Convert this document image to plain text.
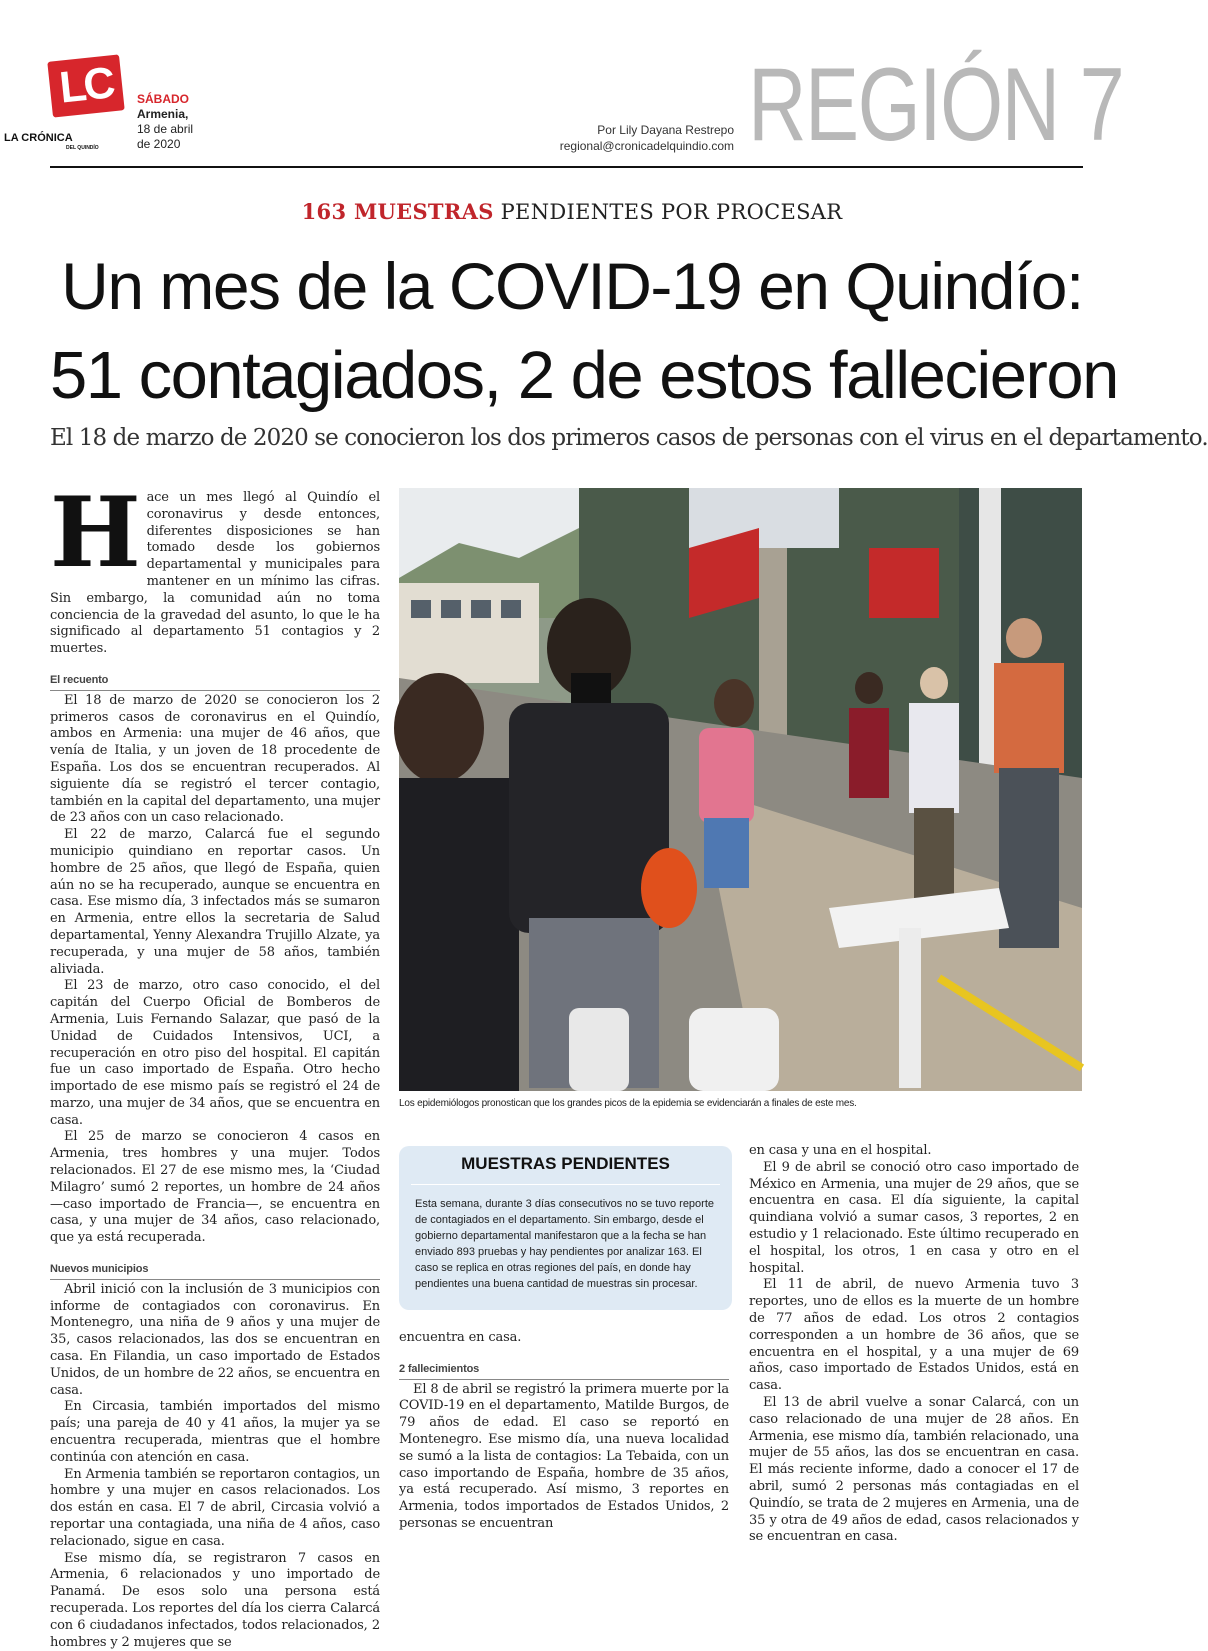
LC
LA CRÓNICA
DEL QUINDÍO
SÁBADO
Armenia,
18 de abril
de 2020
Por Lily Dayana Restrepo
regional@cronicadelquindio.com REGIÓN 7
163 MUESTRAS PENDIENTES POR PROCESAR
Un mes de la COVID-19 en Quindío:
51 contagiados, 2 de estos fallecieron
El 18 de marzo de 2020 se conocieron los dos primeros casos de personas con el virus en el departamento.

Hace un mes llegó al Quindío el coronavirus y desde entonces, diferentes disposiciones se han tomado desde los gobiernos departamental y municipales para mantener en un mínimo las cifras. Sin embargo, la comunidad aún no toma conciencia de la gravedad del asunto, lo que le ha significado al departamento 51 contagios y 2 muertes.

El recuento

El 18 de marzo de 2020 se conocieron los 2 primeros casos de coronavirus en el Quindío, ambos en Armenia: una mujer de 46 años, que venía de Italia, y un joven de 18 procedente de España. Los dos se encuentran recuperados. Al siguiente día se registró el tercer contagio, también en la capital del departamento, una mujer de 23 años con un caso relacionado.

El 22 de marzo, Calarcá fue el segundo municipio quindiano en reportar casos. Un hombre de 25 años, que llegó de España, quien aún no se ha recuperado, aunque se encuentra en casa. Ese mismo día, 3 infectados más se sumaron en Armenia, entre ellos la secretaria de Salud departamental, Yenny Alexandra Trujillo Alzate, ya recuperada, y una mujer de 58 años, también aliviada.

El 23 de marzo, otro caso conocido, el del capitán del Cuerpo Oficial de Bomberos de Armenia, Luis Fernando Salazar, que pasó de la Unidad de Cuidados Intensivos, UCI, a recuperación en otro piso del hospital. El capitán fue un caso importado de España. Otro hecho importado de ese mismo país se registró el 24 de marzo, una mujer de 34 años, que se encuentra en casa.

El 25 de marzo se conocieron 4 casos en Armenia, tres hombres y una mujer. Todos relacionados. El 27 de ese mismo mes, la ‘Ciudad Milagro’ sumó 2 reportes, un hombre de 24 años —caso importado de Francia—, se encuentra en casa, y una mujer de 34 años, caso relacionado, que ya está recuperada.

Nuevos municipios

Abril inició con la inclusión de 3 municipios con informe de contagiados con coronavirus. En Montenegro, una niña de 9 años y una mujer de 35, casos relacionados, las dos se encuentran en casa. En Filandia, un caso importado de Estados Unidos, de un hombre de 22 años, se encuentra en casa.

En Circasia, también importados del mismo país; una pareja de 40 y 41 años, la mujer ya se encuentra recuperada, mientras que el hombre continúa con atención en casa.

En Armenia también se reportaron contagios, un hombre y una mujer en casos relacionados. Los dos están en casa. El 7 de abril, Circasia volvió a reportar una contagiada, una niña de 4 años, caso relacionado, sigue en casa.

Ese mismo día, se registraron 7 casos en Armenia, 6 relacionados y uno importado de Panamá. De esos solo una persona está recuperada. Los reportes del día los cierra Calarcá con 6 ciudadanos infectados, todos relacionados, 2 hombres y 2 mujeres que se

Los epidemiólogos pronostican que los grandes picos de la epidemia se evidenciarán a finales de este mes.
MUESTRAS PENDIENTES
Esta semana, durante 3 días consecutivos no se tuvo reporte de contagiados en el departamento. Sin embargo, desde el gobierno departamental manifestaron que a la fecha se han enviado 893 pruebas y hay pendientes por analizar 163. El caso se replica en otras regiones del país, en donde hay pendientes una buena cantidad de muestras sin procesar.

encuentra en casa.

2 fallecimientos

El 8 de abril se registró la primera muerte por la COVID-19 en el departamento, Matilde Burgos, de 79 años de edad. El caso se reportó en Montenegro. Ese mismo día, una nueva localidad se sumó a la lista de contagios: La Tebaida, con un caso importando de España, hombre de 35 años, ya está recuperado. Así mismo, 3 reportes en Armenia, todos importados de Estados Unidos, 2 personas se encuentran

en casa y una en el hospital.

El 9 de abril se conoció otro caso importado de México en Armenia, una mujer de 29 años, que se encuentra en casa. El día siguiente, la capital quindiana volvió a sumar casos, 3 reportes, 2 en estudio y 1 relacionado. Este último recuperado en el hospital, los otros, 1 en casa y otro en el hospital.

El 11 de abril, de nuevo Armenia tuvo 3 reportes, uno de ellos es la muerte de un hombre de 77 años de edad. Los otros 2 contagios corresponden a un hombre de 36 años, que se encuentra en el hospital, y a una mujer de 69 años, caso importado de Estados Unidos, está en casa.

El 13 de abril vuelve a sonar Calarcá, con un caso relacionado de una mujer de 28 años. En Armenia, ese mismo día, también relacionado, una mujer de 55 años, las dos se encuentran en casa. El más reciente informe, dado a conocer el 17 de abril, sumó 2 personas más contagiadas en el Quindío, se trata de 2 mujeres en Armenia, una de 35 y otra de 49 años de edad, casos relacionados y se encuentran en casa.
